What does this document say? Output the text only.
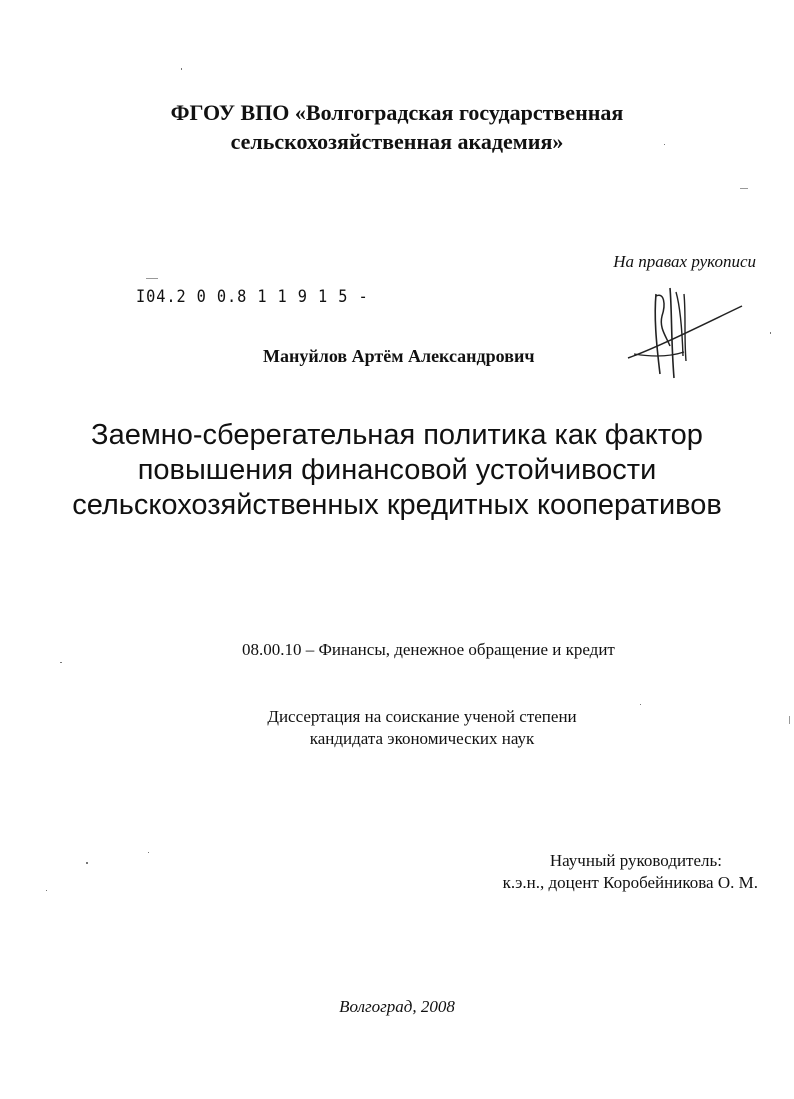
ФГОУ ВПО «Волгоградская государственная
сельскохозяйственная академия»
На правах рукописи
I04.2 0 0.8 1 1 9 1 5 -
Мануйлов Артём Александрович
Заемно-сберегательная политика как фактор
повышения финансовой устойчивости
сельскохозяйственных кредитных кооперативов
08.00.10 – Финансы, денежное обращение и кредит
Диссертация на соискание ученой степени
кандидата экономических наук
Научный руководитель:
к.э.н., доцент Коробейникова О. М.
Волгоград, 2008
